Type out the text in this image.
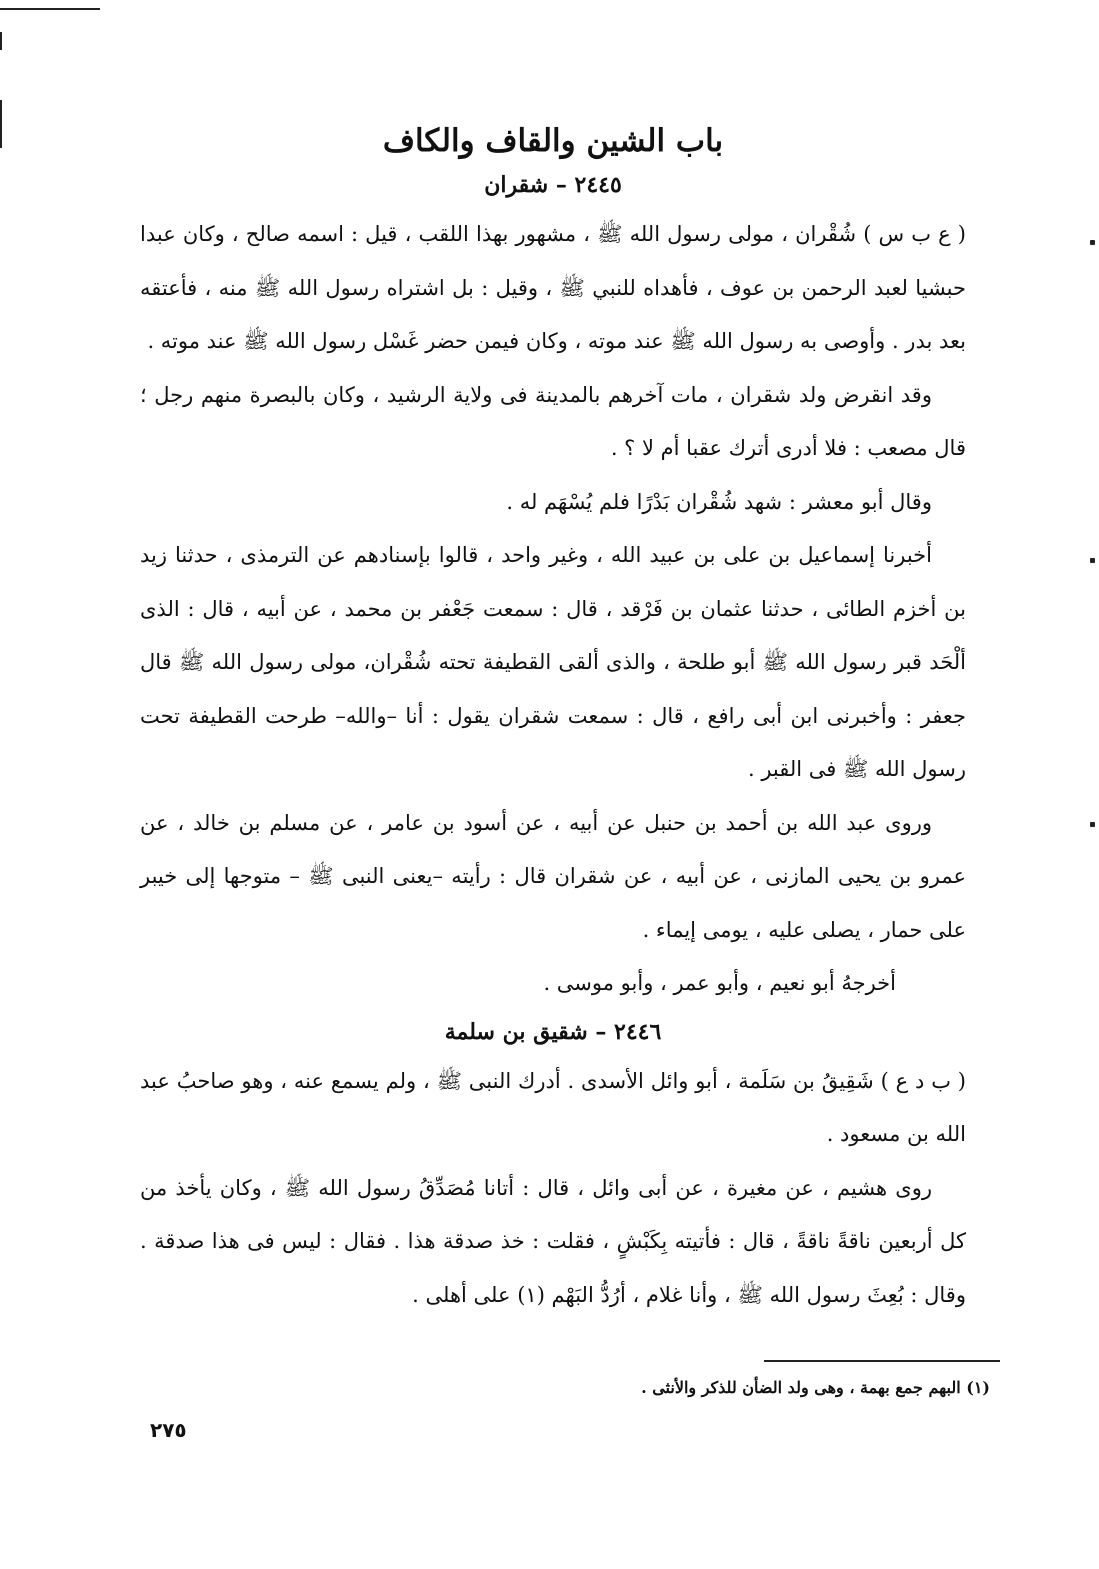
باب الشين والقاف والكاف
٢٤٤٥ – شقران

( ع ب س ) شُقْران ، مولى رسول الله ﷺ ، مشهور بهذا اللقب ، قيل : اسمه صالح ، وكان عبدا حبشيا لعبد الرحمن بن عوف ، فأهداه للنبي ﷺ ، وقيل : بل اشتراه رسول الله ﷺ منه ، فأعتقه بعد بدر . وأوصى به رسول الله ﷺ عند موته ، وكان فيمن حضر غَسْل رسول الله ﷺ عند موته .

وقد انقرض ولد شقران ، مات آخرهم بالمدينة فى ولاية الرشيد ، وكان بالبصرة منهم رجل ؛ قال مصعب : فلا أدرى أترك عقبا أم لا ؟ .

وقال أبو معشر : شهد شُقْران بَدْرًا فلم يُسْهَم له .

أخبرنا إسماعيل بن على بن عبيد الله ، وغير واحد ، قالوا بإسنادهم عن الترمذى ، حدثنا زيد بن أخزم الطائى ، حدثنا عثمان بن فَرْقد ، قال : سمعت جَعْفر بن محمد ، عن أبيه ، قال : الذى ألْحَد قبر رسول الله ﷺ أبو طلحة ، والذى ألقى القطيفة تحته شُقْران، مولى رسول الله ﷺ قال جعفر : وأخبرنى ابن أبى رافع ، قال : سمعت شقران يقول : أنا –والله– طرحت القطيفة تحت رسول الله ﷺ فى القبر .

وروى عبد الله بن أحمد بن حنبل عن أبيه ، عن أسود بن عامر ، عن مسلم بن خالد ، عن عمرو بن يحيى المازنى ، عن أبيه ، عن شقران قال : رأيته –يعنى النبى ﷺ – متوجها إلى خيبر على حمار ، يصلى عليه ، يومى إيماء .

أخرجهُ أبو نعيم ، وأبو عمر ، وأبو موسى .

٢٤٤٦ – شقيق بن سلمة

( ب د ع ) شَقِيقُ بن سَلَمة ، أبو وائل الأسدى . أدرك النبى ﷺ ، ولم يسمع عنه ، وهو صاحبُ عبد الله بن مسعود .

روى هشيم ، عن مغيرة ، عن أبى وائل ، قال : أتانا مُصَدِّقُ رسول الله ﷺ ، وكان يأخذ من كل أربعين ناقةً ناقةً ، قال : فأتيته بِكَبْشٍ ، فقلت : خذ صدقة هذا . فقال : ليس فى هذا صدقة . وقال : بُعِثَ رسول الله ﷺ ، وأنا غلام ، أرُدُّ البَهْم (١) على أهلى .

(١) البهم جمع بهمة ، وهى ولد الضأن للذكر والأنثى .
٢٧٥
